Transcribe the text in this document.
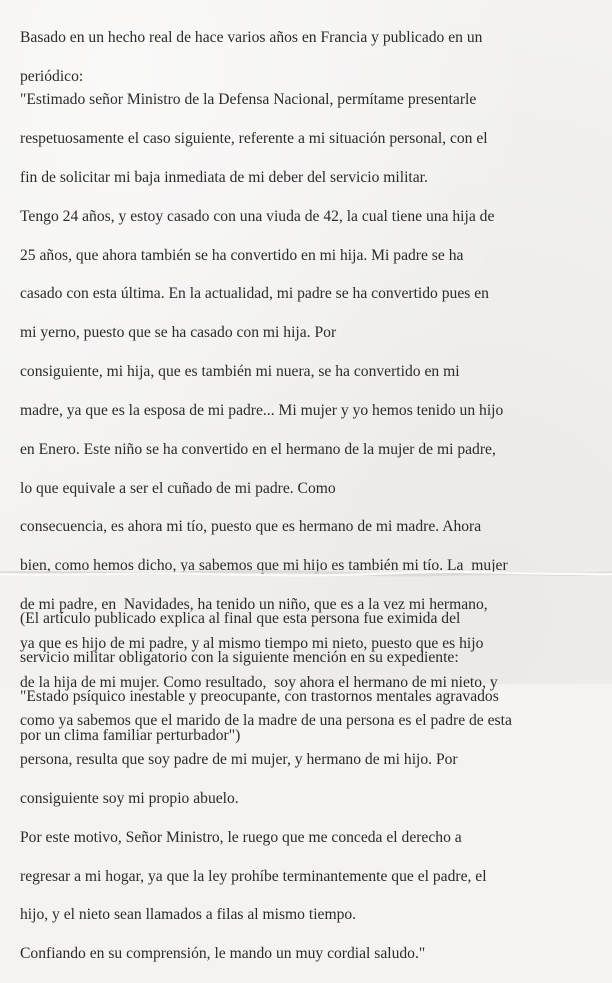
Basado en un hecho real de hace varios años en Francia y publicado en un

periódico:

"Estimado señor Ministro de la Defensa Nacional, permítame presentarle

respetuosamente el caso siguiente, referente a mi situación personal, con el

fin de solicitar mi baja inmediata de mi deber del servicio militar.

Tengo 24 años, y estoy casado con una viuda de 42, la cual tiene una hija de

25 años, que ahora también se ha convertido en mi hija. Mi padre se ha

casado con esta última. En la actualidad, mi padre se ha convertido pues en

mi yerno, puesto que se ha casado con mi hija. Por

consiguiente, mi hija, que es también mi nuera, se ha convertido en mi

madre, ya que es la esposa de mi padre... Mi mujer y yo hemos tenido un hijo

en Enero. Este niño se ha convertido en el hermano de la mujer de mi padre,

lo que equivale a ser el cuñado de mi padre. Como

consecuencia, es ahora mi tío, puesto que es hermano de mi madre. Ahora

bien, como hemos dicho, ya sabemos que mi hijo es también mi tío. La  mujer

de mi padre, en  Navidades, ha tenido un niño, que es a la vez mi hermano,

ya que es hijo de mi padre, y al mismo tiempo mi nieto, puesto que es hijo

de la hija de mi mujer. Como resultado,  soy ahora el hermano de mi nieto, y

como ya sabemos que el marido de la madre de una persona es el padre de esta

persona, resulta que soy padre de mi mujer, y hermano de mi hijo. Por

consiguiente soy mi propio abuelo.

Por este motivo, Señor Ministro, le ruego que me conceda el derecho a

regresar a mi hogar, ya que la ley prohíbe terminantemente que el padre, el

hijo, y el nieto sean llamados a filas al mismo tiempo.

Confiando en su comprensión, le mando un muy cordial saludo."

(El artículo publicado explica al final que esta persona fue eximida del

servicio militar obligatorio con la siguiente mención en su expediente:

"Estado psíquico inestable y preocupante, con trastornos mentales agravados

por un clima familiar perturbador")
